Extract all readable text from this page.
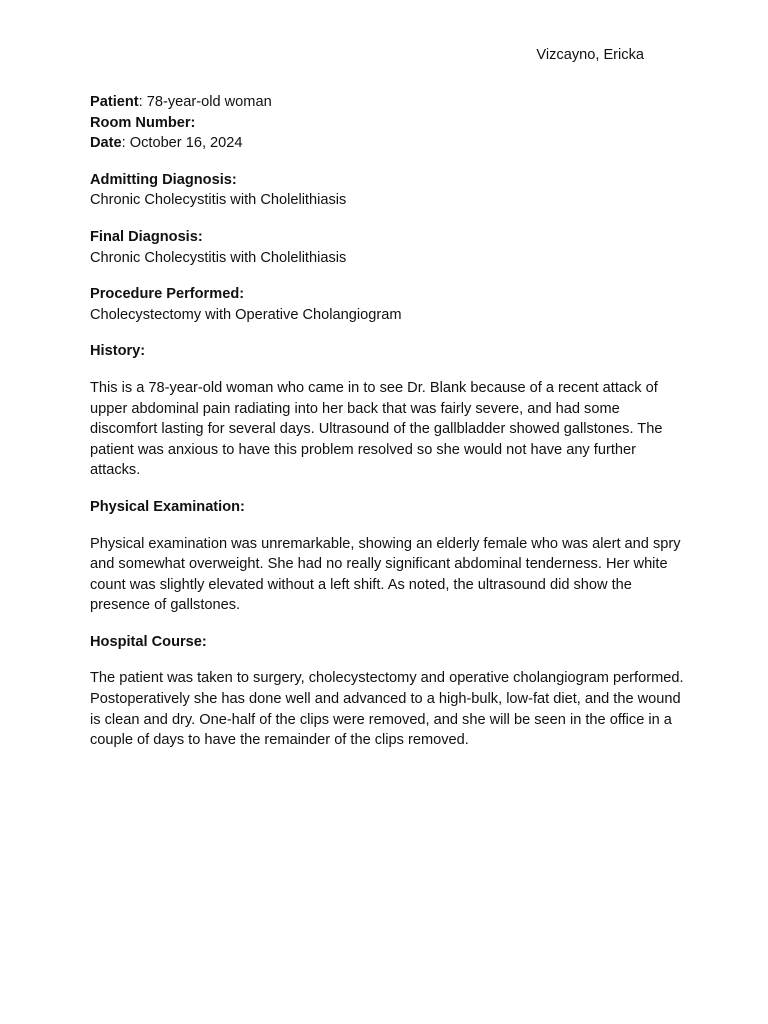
Vizcayno, Ericka

Patient: 78-year-old woman

Room Number:

Date: October 16, 2024

Admitting Diagnosis:

Chronic Cholecystitis with Cholelithiasis

Final Diagnosis:

Chronic Cholecystitis with Cholelithiasis

Procedure Performed:

Cholecystectomy with Operative Cholangiogram

History:

This is a 78-year-old woman who came in to see Dr. Blank because of a recent attack of upper abdominal pain radiating into her back that was fairly severe, and had some discomfort lasting for several days. Ultrasound of the gallbladder showed gallstones. The patient was anxious to have this problem resolved so she would not have any further attacks.

Physical Examination:

Physical examination was unremarkable, showing an elderly female who was alert and spry and somewhat overweight. She had no really significant abdominal tenderness. Her white count was slightly elevated without a left shift. As noted, the ultrasound did show the presence of gallstones.

Hospital Course:

The patient was taken to surgery, cholecystectomy and operative cholangiogram performed. Postoperatively she has done well and advanced to a high-bulk, low-fat diet, and the wound is clean and dry. One-half of the clips were removed, and she will be seen in the office in a couple of days to have the remainder of the clips removed.
